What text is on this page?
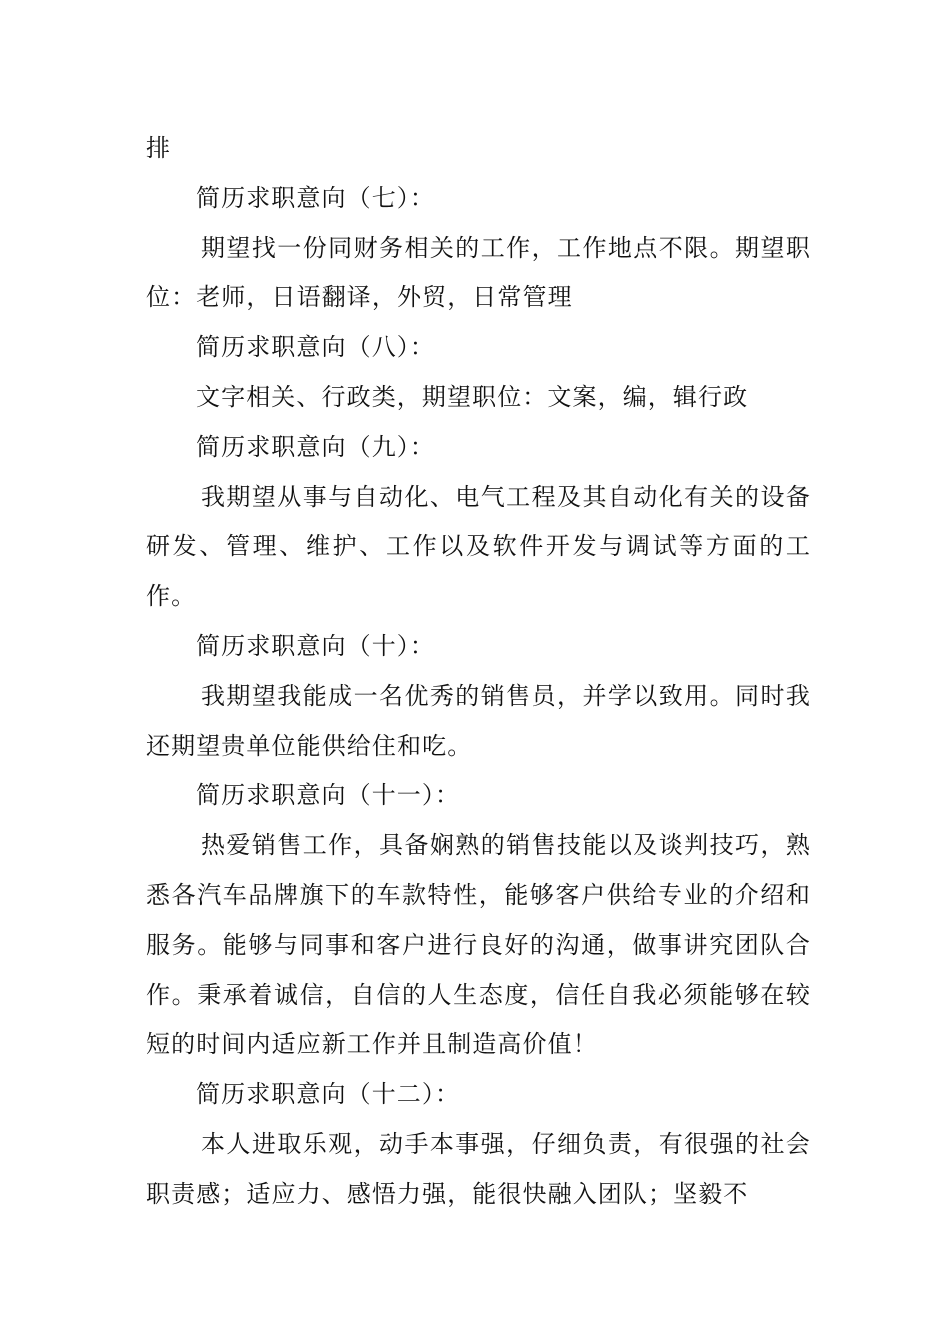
排

简历求职意向（七）：

期望找一份同财务相关的工作，工作地点不限。期望职位：老师，日语翻译，外贸，日常管理

简历求职意向（八）：

文字相关、行政类，期望职位：文案，编，辑行政

简历求职意向（九）：

我期望从事与自动化、电气工程及其自动化有关的设备研发、管理、维护、工作以及软件开发与调试等方面的工作。

简历求职意向（十）：

我期望我能成一名优秀的销售员，并学以致用。同时我还期望贵单位能供给住和吃。

简历求职意向（十一）：

热爱销售工作，具备娴熟的销售技能以及谈判技巧，熟悉各汽车品牌旗下的车款特性，能够客户供给专业的介绍和服务。能够与同事和客户进行良好的沟通，做事讲究团队合作。秉承着诚信，自信的人生态度，信任自我必须能够在较短的时间内适应新工作并且制造高价值！

简历求职意向（十二）：

本人进取乐观，动手本事强，仔细负责，有很强的社会职责感；适应力、感悟力强，能很快融入团队；坚毅不
